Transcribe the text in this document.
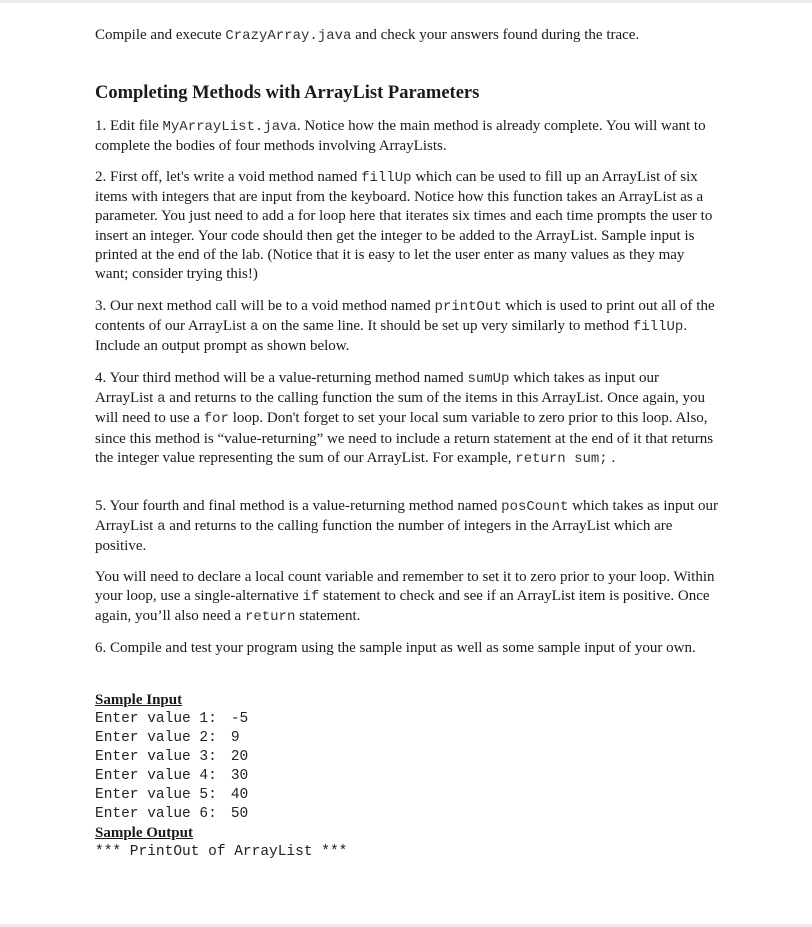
Compile and execute CrazyArray.java and check your answers found during the trace.

Completing Methods with ArrayList Parameters

1. Edit file MyArrayList.java. Notice how the main method is already complete. You will want to complete the bodies of four methods involving ArrayLists.

2. First off, let's write a void method named fillUp which can be used to fill up an ArrayList of six items with integers that are input from the keyboard. Notice how this function takes an ArrayList as a parameter. You just need to add a for loop here that iterates six times and each time prompts the user to insert an integer. Your code should then get the integer to be added to the ArrayList. Sample input is printed at the end of the lab. (Notice that it is easy to let the user enter as many values as they may want; consider trying this!)

3. Our next method call will be to a void method named printOut which is used to print out all of the contents of our ArrayList a on the same line. It should be set up very similarly to method fillUp. Include an output prompt as shown below.

4. Your third method will be a value-returning method named sumUp which takes as input our ArrayList a and returns to the calling function the sum of the items in this ArrayList. Once again, you will need to use a for loop. Don't forget to set your local sum variable to zero prior to this loop. Also, since this method is “value-returning” we need to include a return statement at the end of it that returns the integer value representing the sum of our ArrayList. For example, return sum; .

5. Your fourth and final method is a value-returning method named posCount which takes as input our ArrayList a and returns to the calling function the number of integers in the ArrayList which are positive.

You will need to declare a local count variable and remember to set it to zero prior to your loop. Within your loop, use a single-alternative if statement to check and see if an ArrayList item is positive. Once again, you’ll also need a return statement.

6. Compile and test your program using the sample input as well as some sample input of your own.

Sample Input
Enter value 1: -5
Enter value 2: 9
Enter value 3: 20
Enter value 4: 30
Enter value 5: 40
Enter value 6: 50
Sample Output
*** PrintOut of ArrayList ***
